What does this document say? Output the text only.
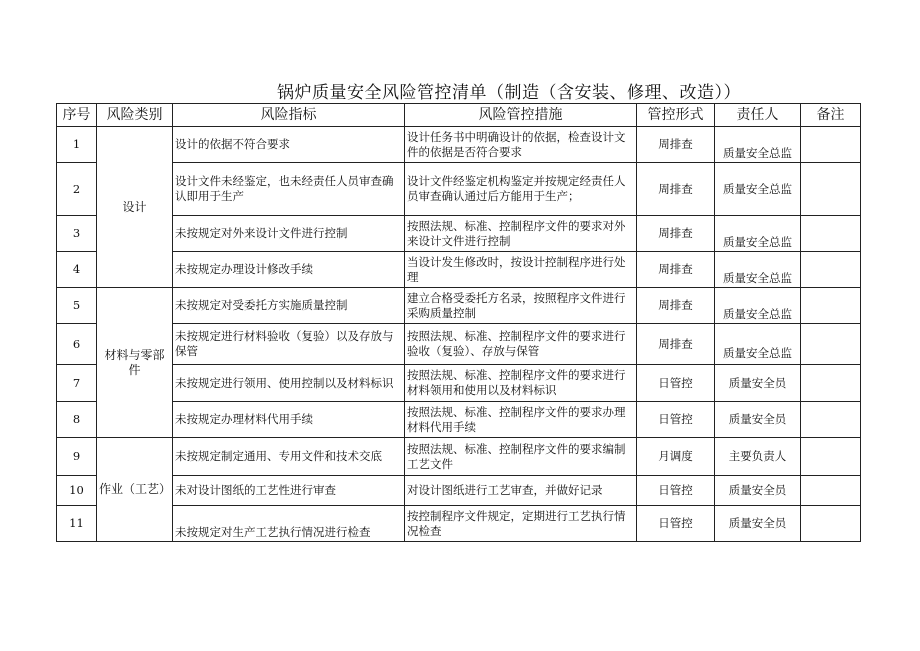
锅炉质量安全风险管控清单（制造（含安装、修理、改造））
序号	风险类别	风险指标	风险管控措施	管控形式	责任人	备注
1	设计	设计的依据不符合要求	设计任务书中明确设计的依据，检查设计文件的依据是否符合要求	周排查	质量安全总监	

2		设计文件未经鉴定，也未经责任人员审查确认即用于生产	设计文件经鉴定机构鉴定并按规定经责任人员审查确认通过后方能用于生产；	周排查	质量安全总监	
3		未按规定对外来设计文件进行控制	按照法规、标准、控制程序文件的要求对外来设计文件进行控制	周排查	质量安全总监	

4		未按规定办理设计修改手续	当设计发生修改时，按设计控制程序进行处理	周排查	质量安全总监	

5	材料与零部件	未按规定对受委托方实施质量控制	建立合格受委托方名录，按照程序文件进行采购质量控制	周排查	质量安全总监	

6		未按规定进行材料验收（复验）以及存放与保管	按照法规、标准、控制程序文件的要求进行验收（复验）、存放与保管	周排查	质量安全总监	

7		未按规定进行领用、使用控制以及材料标识	按照法规、标准、控制程序文件的要求进行材料领用和使用以及材料标识	日管控	质量安全员	
8		未按规定办理材料代用手续	按照法规、标准、控制程序文件的要求办理材料代用手续	日管控	质量安全员	
9	作业（工艺）	未按规定制定通用、专用文件和技术交底	按照法规、标准、控制程序文件的要求编制工艺文件	月调度	主要负责人	
10		未对设计图纸的工艺性进行审查	对设计图纸进行工艺审查，并做好记录	日管控	质量安全员	
11		未按规定对生产工艺执行情况进行检查	按控制程序文件规定，定期进行工艺执行情况检查	日管控	质量安全员	
